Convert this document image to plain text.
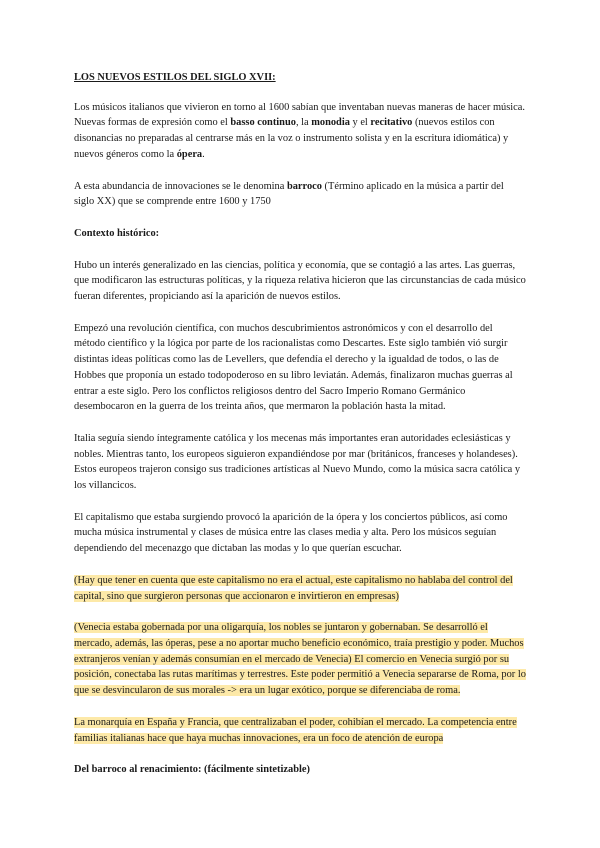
LOS NUEVOS ESTILOS DEL SIGLO XVII:

Los músicos italianos que vivieron en torno al 1600 sabían que inventaban nuevas maneras de hacer música. Nuevas formas de expresión como el basso continuo, la monodia y el recitativo (nuevos estilos con disonancias no preparadas al centrarse más en la voz o instrumento solista y en la escritura idiomática) y nuevos géneros como la ópera.

A esta abundancia de innovaciones se le denomina barroco (Término aplicado en la música a partir del siglo XX) que se comprende entre 1600 y 1750

Contexto histórico:

Hubo un interés generalizado en las ciencias, política y economía, que se contagió a las artes. Las guerras, que modificaron las estructuras políticas, y la riqueza relativa hicieron que las circunstancias de cada músico fueran diferentes, propiciando así la aparición de nuevos estilos.

Empezó una revolución científica, con muchos descubrimientos astronómicos y con el desarrollo del método científico y la lógica por parte de los racionalistas como Descartes. Este siglo también vió surgir distintas ideas políticas como las de Levellers, que defendía el derecho y la igualdad de todos, o las de Hobbes que proponía un estado todopoderoso en su libro leviatán. Además, finalizaron muchas guerras al entrar a este siglo. Pero los conflictos religiosos dentro del Sacro Imperio Romano Germánico desembocaron en la guerra de los treinta años, que mermaron la población hasta la mitad.

Italia seguía siendo íntegramente católica y los mecenas más importantes eran autoridades eclesiásticas y nobles. Mientras tanto, los europeos siguieron expandiéndose por mar (británicos, franceses y holandeses). Estos europeos trajeron consigo sus tradiciones artísticas al Nuevo Mundo, como la música sacra católica y los villancicos.

El capitalismo que estaba surgiendo provocó la aparición de la ópera y los conciertos públicos, así como mucha música instrumental y clases de música entre las clases media y alta. Pero los músicos seguían dependiendo del mecenazgo que dictaban las modas y lo que querían escuchar.

(Hay que tener en cuenta que este capitalismo no era el actual, este capitalismo no hablaba del control del capital, sino que surgieron personas que accionaron e invirtieron en empresas)

(Venecia estaba gobernada por una oligarquía, los nobles se juntaron y gobernaban. Se desarrolló el mercado, además, las óperas, pese a no aportar mucho beneficio económico, traía prestigio y poder. Muchos extranjeros venían y además consumían en el mercado de Venecia) El comercio en Venecia surgió por su posición, conectaba las rutas marítimas y terrestres. Este poder permitió a Venecia separarse de Roma, por lo que se desvincularon de sus morales -> era un lugar exótico, porque se diferenciaba de roma.

La monarquía en España y Francia, que centralizaban el poder, cohibían el mercado. La competencia entre familias italianas hace que haya muchas innovaciones, era un foco de atención de europa

Del barroco al renacimiento: (fácilmente sintetizable)
